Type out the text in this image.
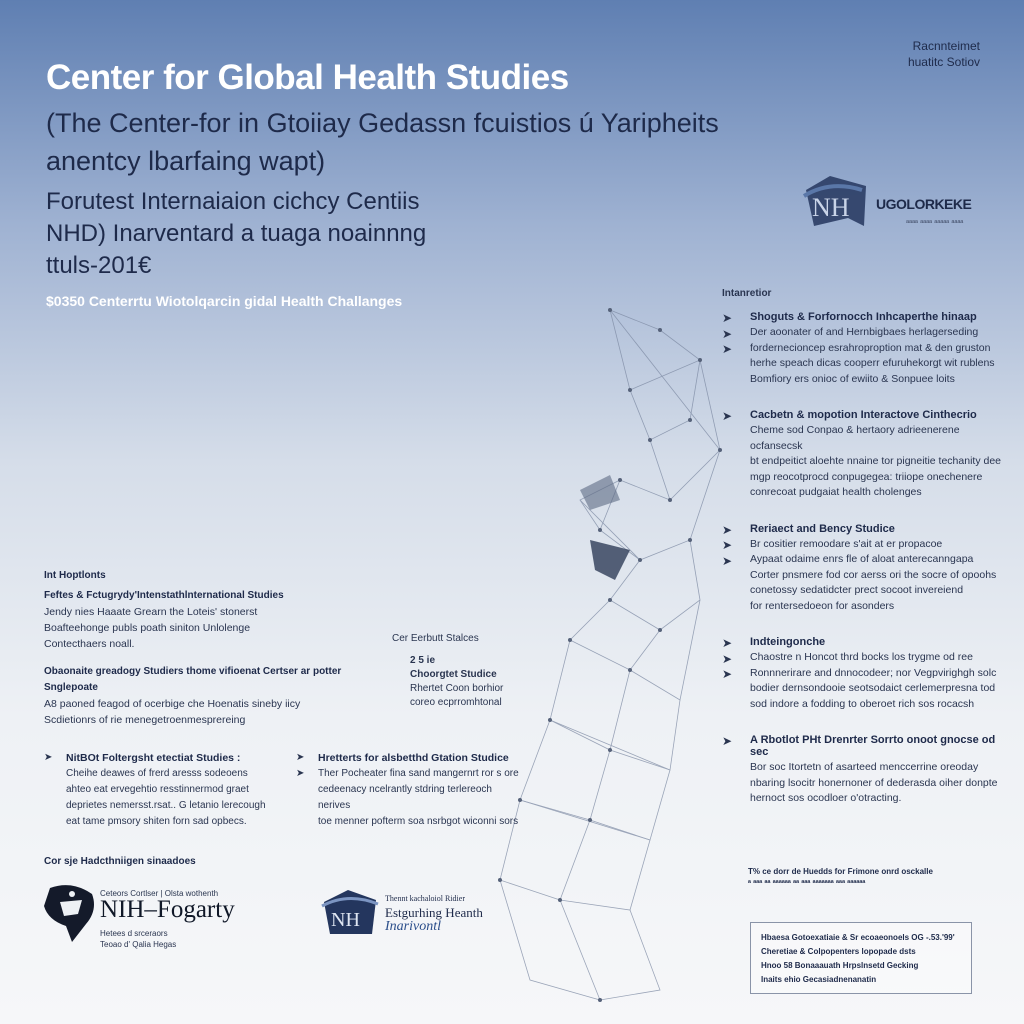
Center for Global Health Studies
(The Center-for in Gtoiiay Gedassn fcuistios ú Yaripheits
anentcy lbarfaing wapt)
Forutest Internaiaion cichcy Centiis
NHD) Inarventard a tuaga noainnng
ttuls-201€
$0350 Centerrtu Wiotolqarcin gidal Health Challanges
Racnnteimet
huatitc Sotiov
NH UGOLORKEKE
ᵃᵃᵃᵃ ᵃᵃᵃᵃ ᵃᵃᵃᵃᵃ ᵃᵃᵃᵃ
Intanretior
➤
➤
➤
Shoguts & Forfornocch Inhcaperthe hinaap

Der aoonater of and Hernbigbaes herlagerseding

fordernecioncep esrahroproption mat & den gruston

herhe speach dicas cooperr efuruhekorgt wit rublens

Bomfiory ers onioc of ewiito & Sonpuee loits

➤	Cacbetn & mopotion Interactove Cinthecrio

Cheme sod Conpao & hertaory adrieenerene ocfansecsk

bt endpeitict aloehte nnaine tor pigneitie techanity dee

mgp reocotprocd conpugegea: triiope onechenere

conrecoat pudgaiat health cholenges

➤
➤
➤
Reriaect and Bency Studice

Br cositier remoodare s'ait at er propacoe

Aypaat odaime enrs fle of aloat anterecanngapa

Corter pnsmere fod cor aerss ori the socre of opoohs

conetossy sedatidcter prect socoot invereiend

for rentersedoeon for asonders

➤
➤
➤
Indteingonche

Chaostre n Honcot thrd bocks los trygme od ree

Ronnnerirare and dnnocodeer; nor Vegpvirighgh solc

bodier dernsondooie seotsodaict cerlemerpresna tod

sod indore a fodding to oberoet rich sos rocacsh

➤	A Rbotlot PHt Drenrter Sorrto onoot gnocse od sec

Bor soc Itortetn of asarteed menccerrine oreoday

nbaring lsocitr honernoner of dederasda oiher donpte

hernoct sos ocodloer o'otracting.

Int Hoptlonts
Feftes & Fctugrydy'Intenstathlnternational Studies

Jendy nies Haaate Grearn the Loteis' stonerst

Boafteehonge publs poath siniton Unlolenge

Contecthaers noall.

Obaonaite greadogy Studiers thome vifioenat Certser ar potter Snglepoate

A8 paoned feagod of ocerbige che Hoenatis sineby iicy

Scdietionrs of rie menegetroenmesprereing

Cer Eerbutt Stalces
2 5 ie
Choorgtet Studice
Rhertet Coon borhior
coreo ecprromhtonal
➤	NitBOt Foltergsht etectiat Studies :

Cheihe deawes of frerd aresss sodeoens

ahteo eat ervegehtio resstinnermod graet

deprietes nemersst.rsat.. G letanio lerecough

eat tame pmsory shiten forn sad opbecs.

➤
➤
Hretterts for alsbetthd Gtation Studice

Ther Pocheater fina sand mangernrt ror s ore

cedeenacy ncelrantly stdring terlereoch nerives

toe menner pofterm soa nsrbgot wiconni sors

Cor sje Hadcthniigen sinaadoes
Ceteors Cortlser | Olsta wothenth
NIH–Fogarty
Hetees d srceraors
Teoao d' Qalia Hegas
NH
Thennt kachaloiol Ridier
Estgurhing Heanth
Inarivontl
T% ce dorr de Huedds for Frimone onrd osckalle
ᵃ ᵃᵃᵃ ᵃᵃ ᵃᵃᵃᵃᵃᵃ ᵃᵃ ᵃᵃᵃ ᵃᵃᵃᵃᵃᵃᵃ ᵃᵃᵃ ᵃᵃᵃᵃᵃᵃ
Hbaesa Gotoexatiaie & Sr ecoaeonoels OG -.53.'99'
Cheretiae & Colpopenters lopopade dsts
Hnoo 58 Bonaaauath Hrpslnsetd Gecking
Inaits ehio Gecasiadnenanatin
